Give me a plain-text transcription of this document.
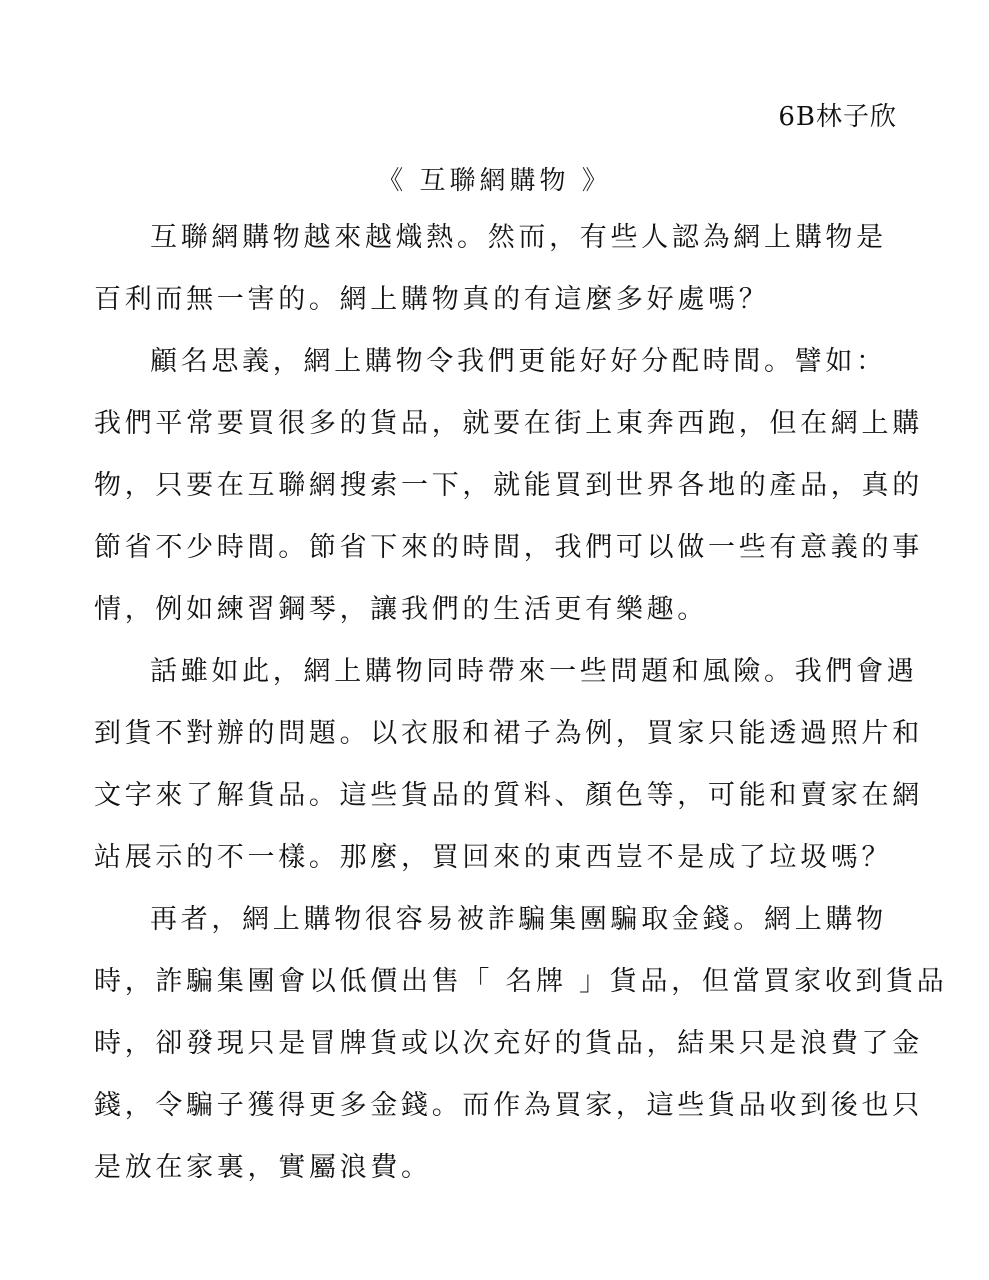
6B林子欣
《 互聯網購物 》
互聯網購物越來越熾熱。然而，有些人認為網上購物是
百利而無一害的。網上購物真的有這麼多好處嗎？
顧名思義，網上購物令我們更能好好分配時間。譬如：
我們平常要買很多的貨品，就要在街上東奔西跑，但在網上購
物，只要在互聯網搜索一下，就能買到世界各地的產品，真的
節省不少時間。節省下來的時間，我們可以做一些有意義的事
情，例如練習鋼琴，讓我們的生活更有樂趣。
話雖如此，網上購物同時帶來一些問題和風險。我們會遇
到貨不對辦的問題。以衣服和裙子為例，買家只能透過照片和
文字來了解貨品。這些貨品的質料、顏色等，可能和賣家在網
站展示的不一樣。那麼，買回來的東西豈不是成了垃圾嗎？
再者，網上購物很容易被詐騙集團騙取金錢。網上購物
時，詐騙集團會以低價出售「 名牌 」貨品，但當買家收到貨品
時，卻發現只是冒牌貨或以次充好的貨品，結果只是浪費了金
錢，令騙子獲得更多金錢。而作為買家，這些貨品收到後也只
是放在家裏，實屬浪費。
